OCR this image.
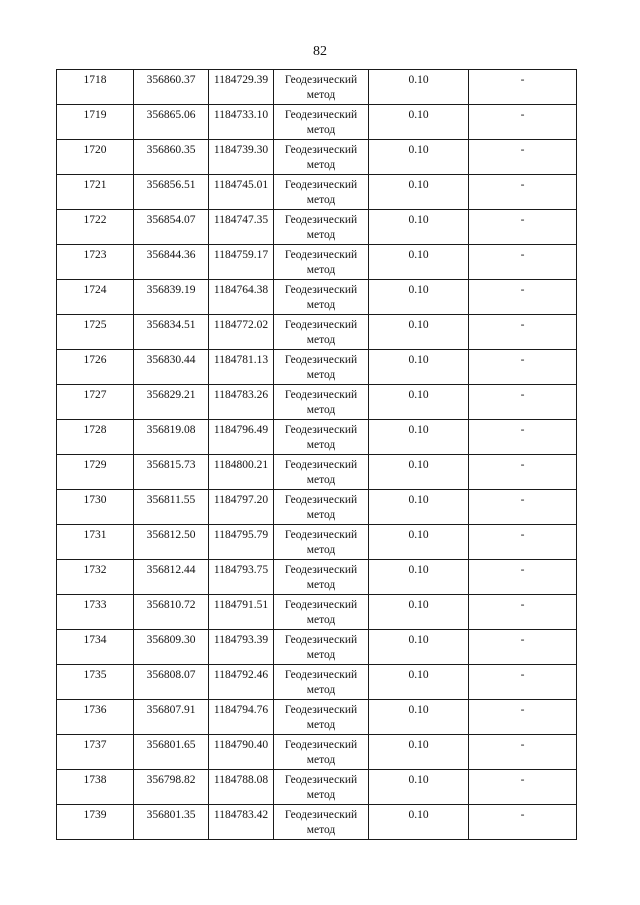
82
1718	356860.37	1184729.39	Геодезический метод	0.10	-
1719	356865.06	1184733.10	Геодезический метод	0.10	-
1720	356860.35	1184739.30	Геодезический метод	0.10	-
1721	356856.51	1184745.01	Геодезический метод	0.10	-
1722	356854.07	1184747.35	Геодезический метод	0.10	-
1723	356844.36	1184759.17	Геодезический метод	0.10	-
1724	356839.19	1184764.38	Геодезический метод	0.10	-
1725	356834.51	1184772.02	Геодезический метод	0.10	-
1726	356830.44	1184781.13	Геодезический метод	0.10	-
1727	356829.21	1184783.26	Геодезический метод	0.10	-
1728	356819.08	1184796.49	Геодезический метод	0.10	-
1729	356815.73	1184800.21	Геодезический метод	0.10	-
1730	356811.55	1184797.20	Геодезический метод	0.10	-
1731	356812.50	1184795.79	Геодезический метод	0.10	-
1732	356812.44	1184793.75	Геодезический метод	0.10	-
1733	356810.72	1184791.51	Геодезический метод	0.10	-
1734	356809.30	1184793.39	Геодезический метод	0.10	-
1735	356808.07	1184792.46	Геодезический метод	0.10	-
1736	356807.91	1184794.76	Геодезический метод	0.10	-
1737	356801.65	1184790.40	Геодезический метод	0.10	-
1738	356798.82	1184788.08	Геодезический метод	0.10	-
1739	356801.35	1184783.42	Геодезический метод	0.10	-
